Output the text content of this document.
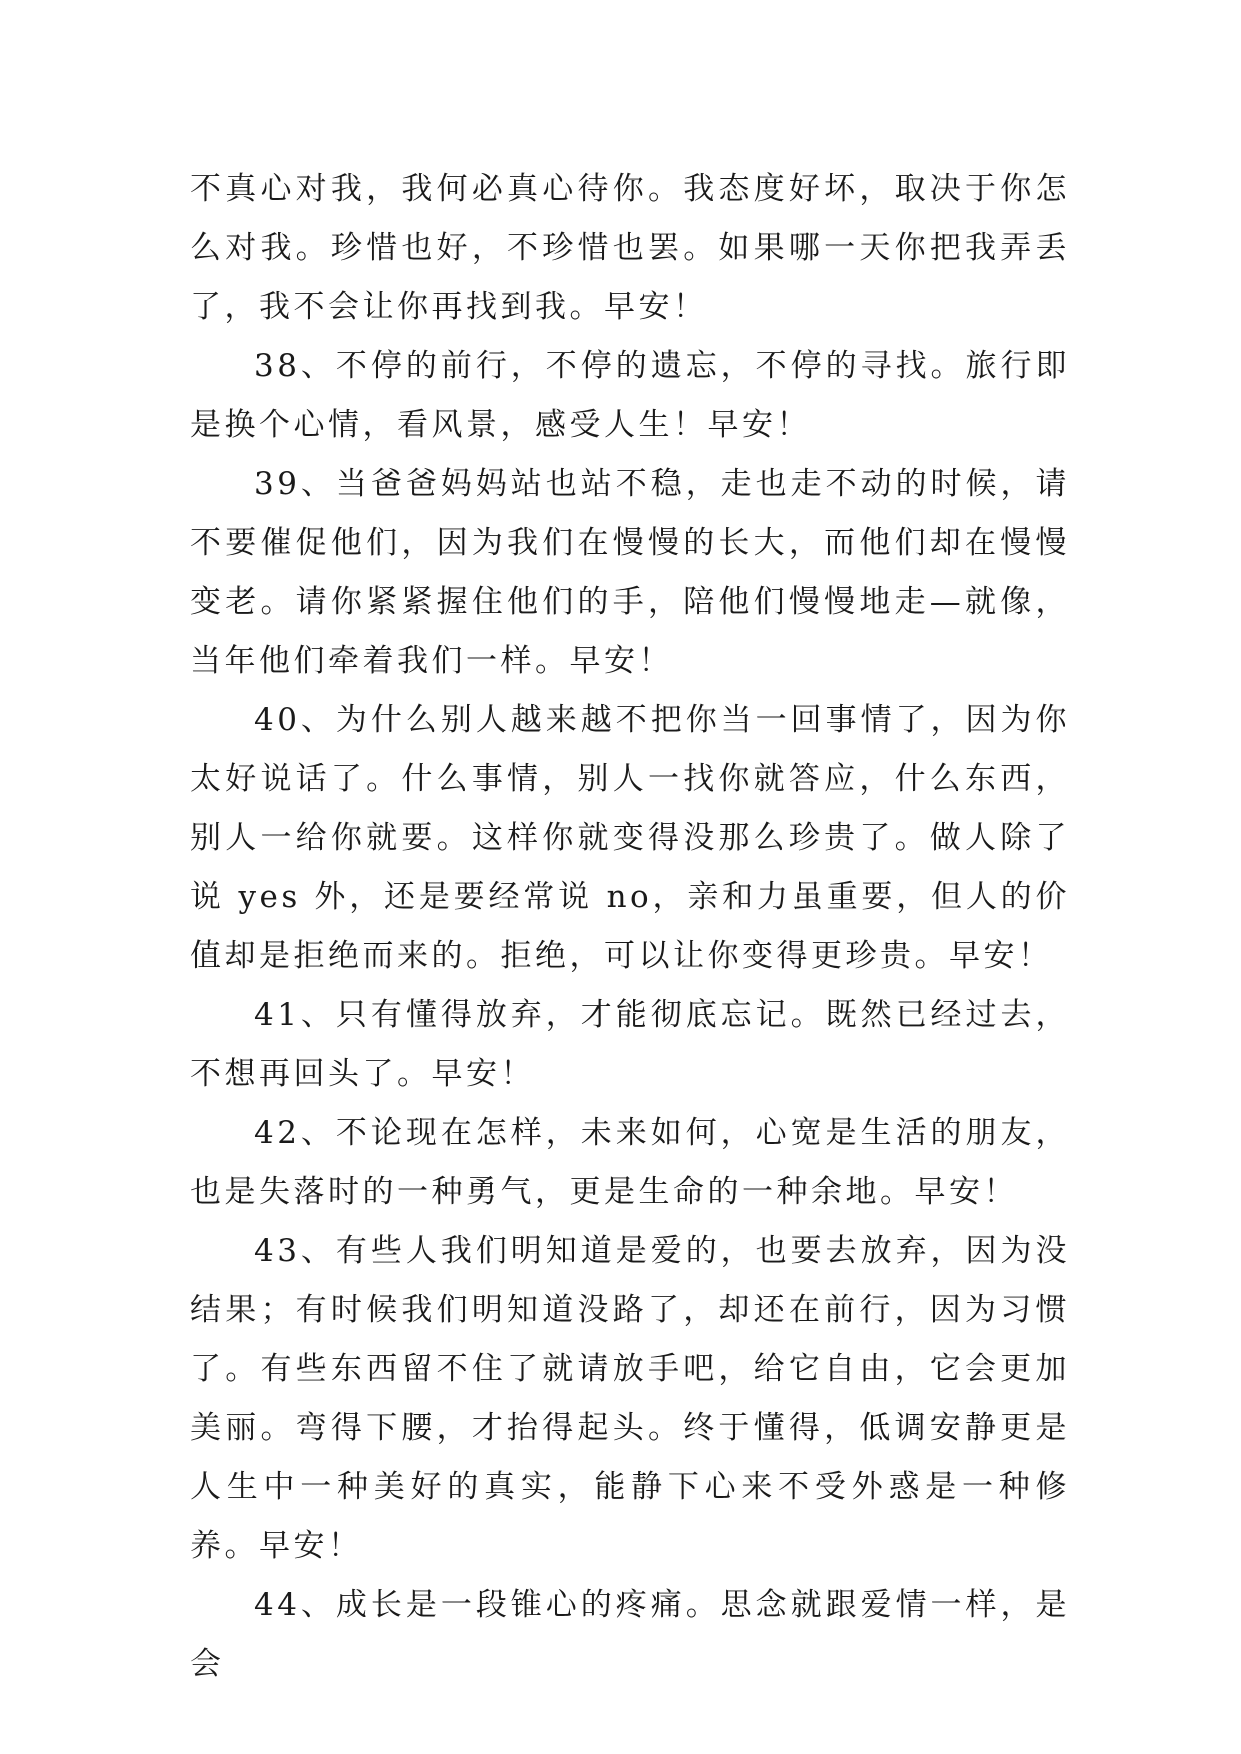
不真心对我，我何必真心待你。我态度好坏，取决于你怎么对我。珍惜也好，不珍惜也罢。如果哪一天你把我弄丢了，我不会让你再找到我。早安！

38、不停的前行，不停的遗忘，不停的寻找。旅行即是换个心情，看风景，感受人生！早安！

39、当爸爸妈妈站也站不稳，走也走不动的时候，请不要催促他们，因为我们在慢慢的长大，而他们却在慢慢变老。请你紧紧握住他们的手，陪他们慢慢地走—就像，当年他们牵着我们一样。早安！

40、为什么别人越来越不把你当一回事情了，因为你太好说话了。什么事情，别人一找你就答应，什么东西，别人一给你就要。这样你就变得没那么珍贵了。做人除了说 yes 外，还是要经常说 no，亲和力虽重要，但人的价值却是拒绝而来的。拒绝，可以让你变得更珍贵。早安！

41、只有懂得放弃，才能彻底忘记。既然已经过去，不想再回头了。早安！

42、不论现在怎样，未来如何，心宽是生活的朋友，也是失落时的一种勇气，更是生命的一种余地。早安！

43、有些人我们明知道是爱的，也要去放弃，因为没结果；有时候我们明知道没路了，却还在前行，因为习惯了。有些东西留不住了就请放手吧，给它自由，它会更加美丽。弯得下腰，才抬得起头。终于懂得，低调安静更是人生中一种美好的真实，能静下心来不受外惑是一种修养。早安！

44、成长是一段锥心的疼痛。思念就跟爱情一样，是会
